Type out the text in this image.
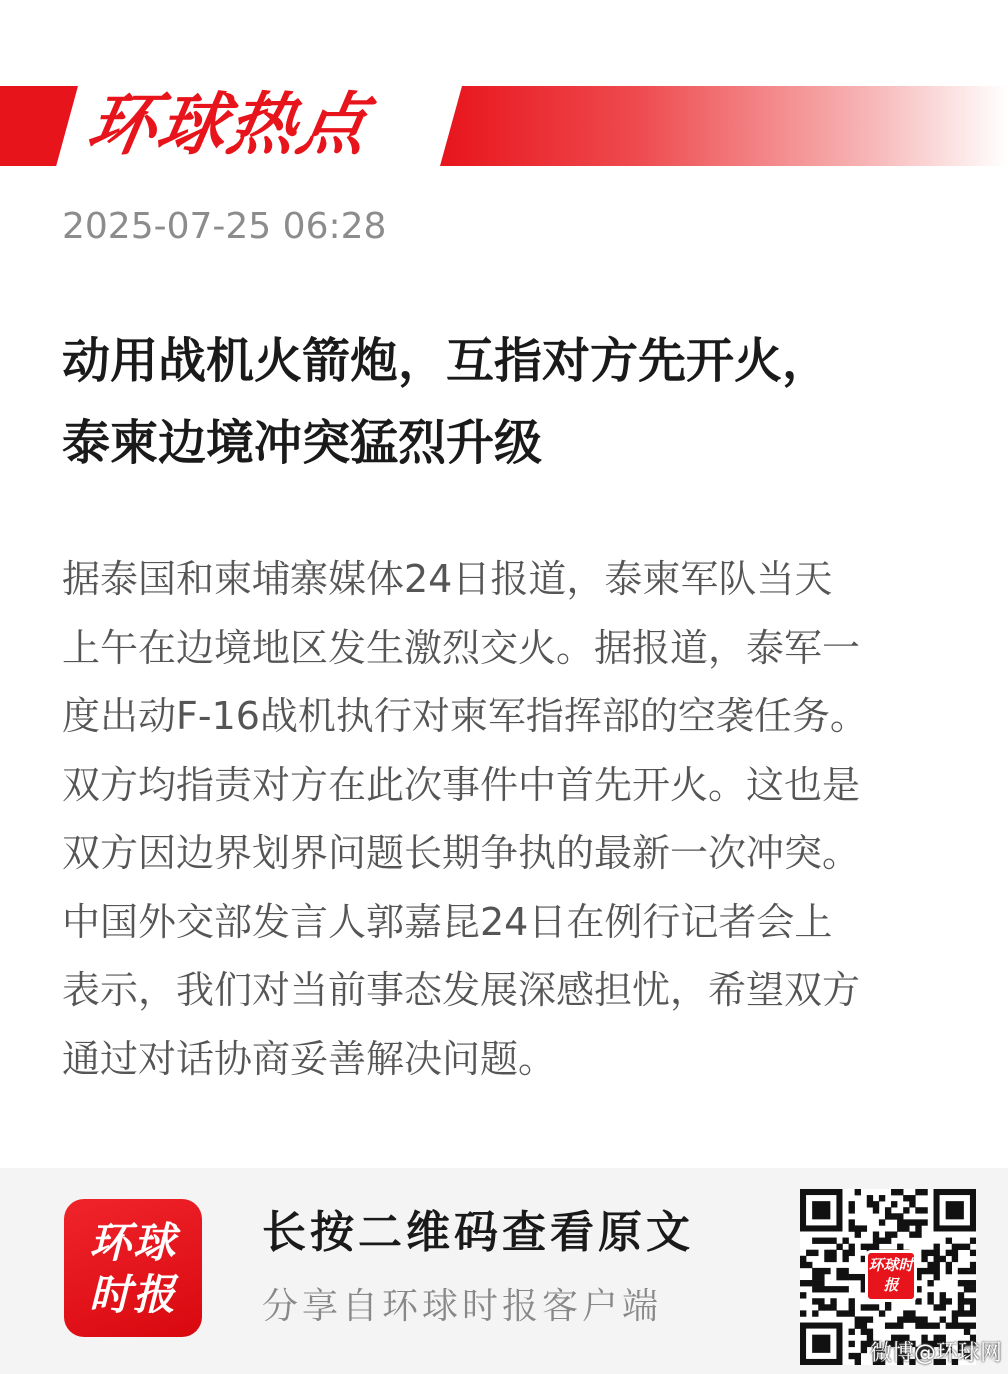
环球热点
2025-07-25 06:28
动用战机火箭炮，互指对方先开火，
泰柬边境冲突猛烈升级

据泰国和柬埔寨媒体24日报道，泰柬军队当天
上午在边境地区发生激烈交火。据报道，泰军一
度出动F-16战机执行对柬军指挥部的空袭任务。
双方均指责对方在此次事件中首先开火。这也是
双方因边界划界问题长期争执的最新一次冲突。
中国外交部发言人郭嘉昆24日在例行记者会上
表示，我们对当前事态发展深感担忧，希望双方
通过对话协商妥善解决问题。

环球时报
长按二维码查看原文
分享自环球时报客户端
环球时报
微博@环球网
